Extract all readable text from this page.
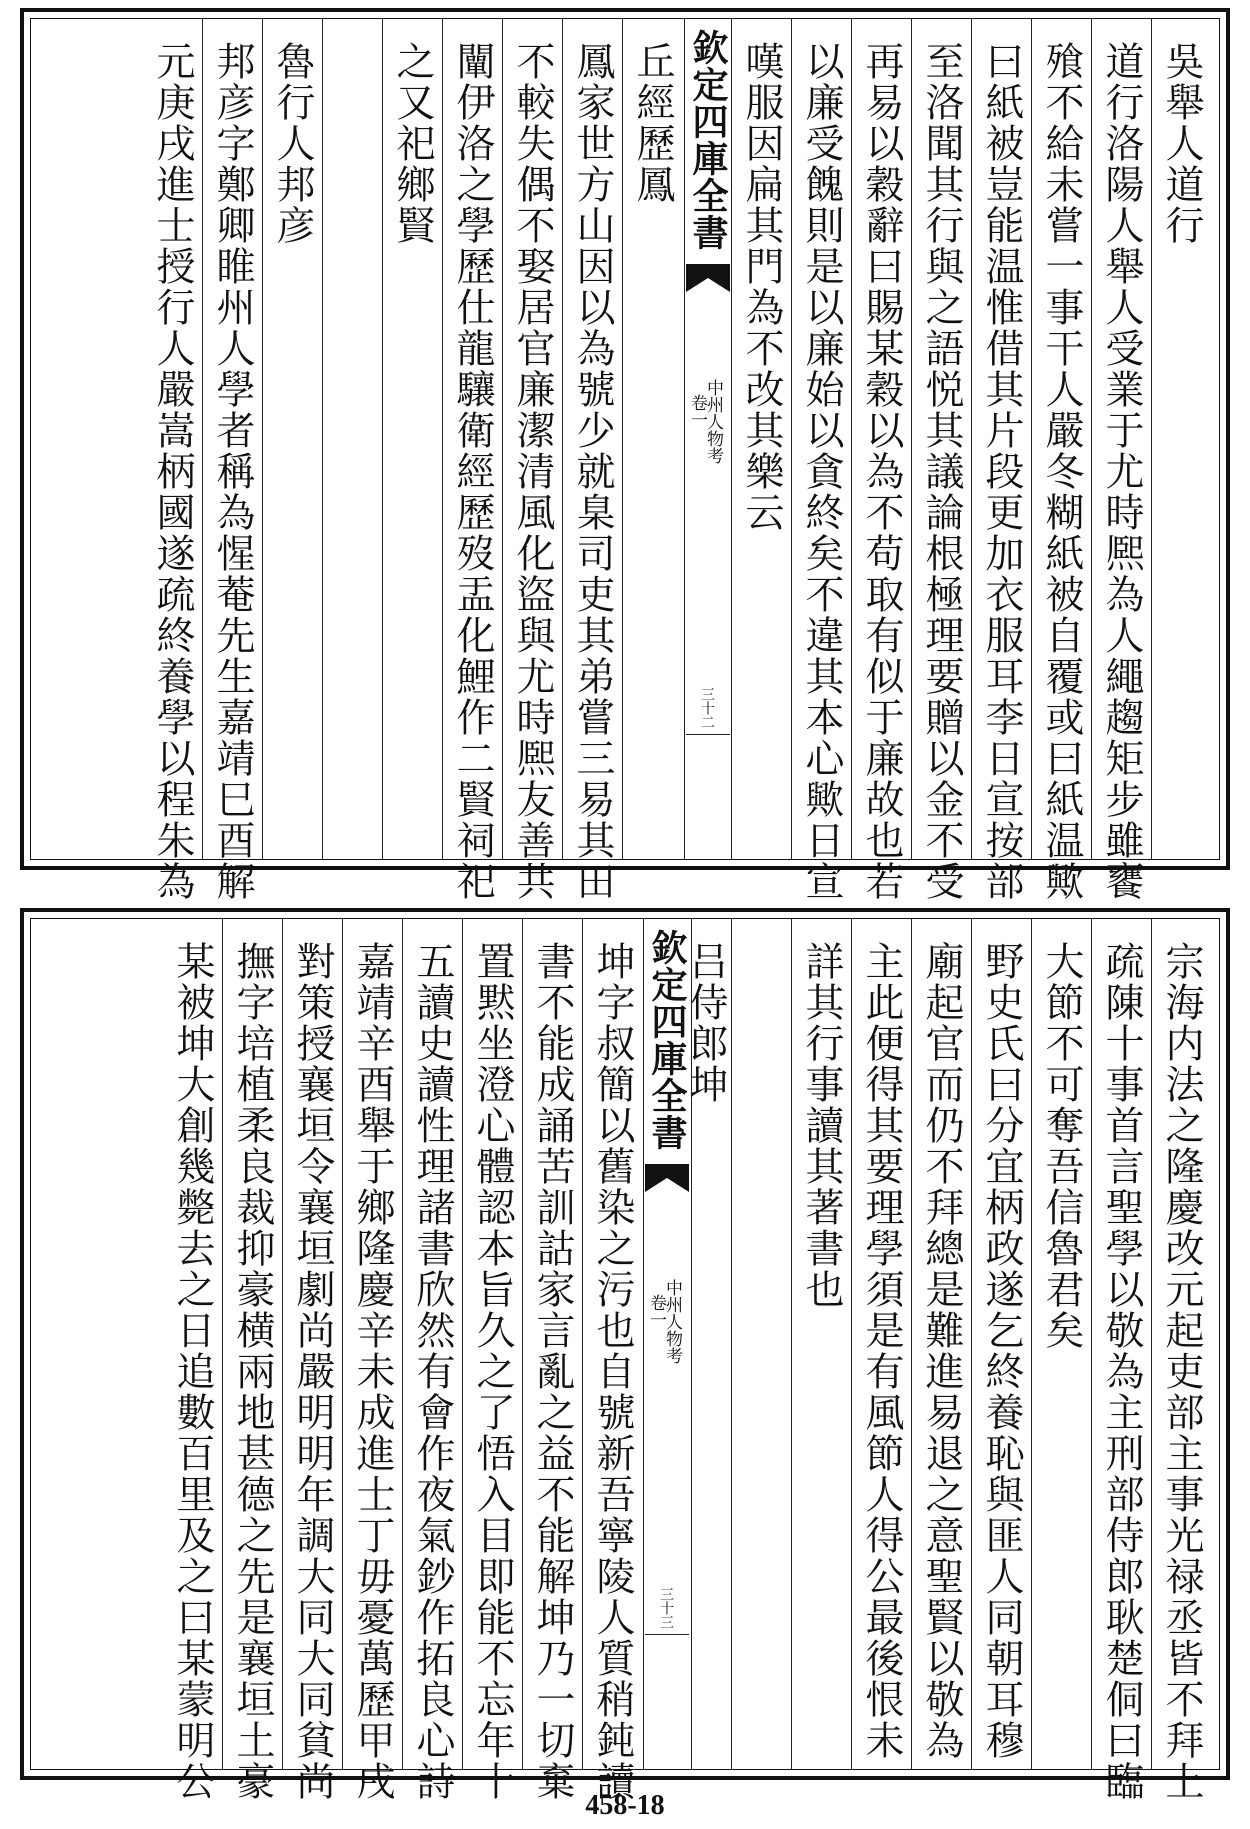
吳舉人道行
道行洛陽人舉人受業于尤時熈為人繩趨矩步雖饔
飱不給未嘗一事干人嚴冬糊紙被自覆或曰紙温歟
曰紙被豈能温惟借其片段更加衣服耳李日宣按部
至洛聞其行與之語悦其議論根極理要贈以金不受
再易以穀辭曰賜某穀以為不苟取有似于廉故也若
以廉受餽則是以廉始以貪終矣不違其本心歟日宣
嘆服因扁其門為不改其樂云
欽定四庫全書
中州人物考
卷一
三十二
丘經歷鳳
鳳家世方山因以為號少就臬司吏其弟嘗三易其田
不較失偶不娶居官廉潔清風化盜與尤時熈友善共
闡伊洛之學歷仕龍驤衛經歷歿盂化鯉作二賢祠祀
之又祀鄉賢
魯行人邦彦
邦彦字鄭卿睢州人學者稱為惺菴先生嘉靖巳酉解
元庚戌進士授行人嚴嵩柄國遂疏終養學以程朱為
宗海内法之隆慶改元起吏部主事光禄丞皆不拜上
疏陳十事首言聖學以敬為主刑部侍郎耿楚侗曰臨
大節不可奪吾信魯君矣
野史氏曰分宜柄政遂乞終養恥與匪人同朝耳穆
廟起官而仍不拜總是難進易退之意聖賢以敬為
主此便得其要理學須是有風節人得公最後恨未
詳其行事讀其著書也
吕侍郎坤
欽定四庫全書
中州人物考
卷一
三十三
坤字叔簡以舊染之污也自號新吾寧陵人質稍鈍讀
書不能成誦苦訓詁家言亂之益不能解坤乃一切棄
置黙坐澄心體認本旨久之了悟入目即能不忘年十
五讀史讀性理諸書欣然有會作夜氣鈔作拓良心詩
嘉靖辛酉舉于鄉隆慶辛未成進士丁毋憂萬歷甲戌
對策授襄垣令襄垣劇尚嚴明明年調大同大同貧尚
撫字培植柔良裁抑豪横兩地甚德之先是襄垣土豪
某被坤大創幾斃去之日追數百里及之曰某蒙明公
458-18
